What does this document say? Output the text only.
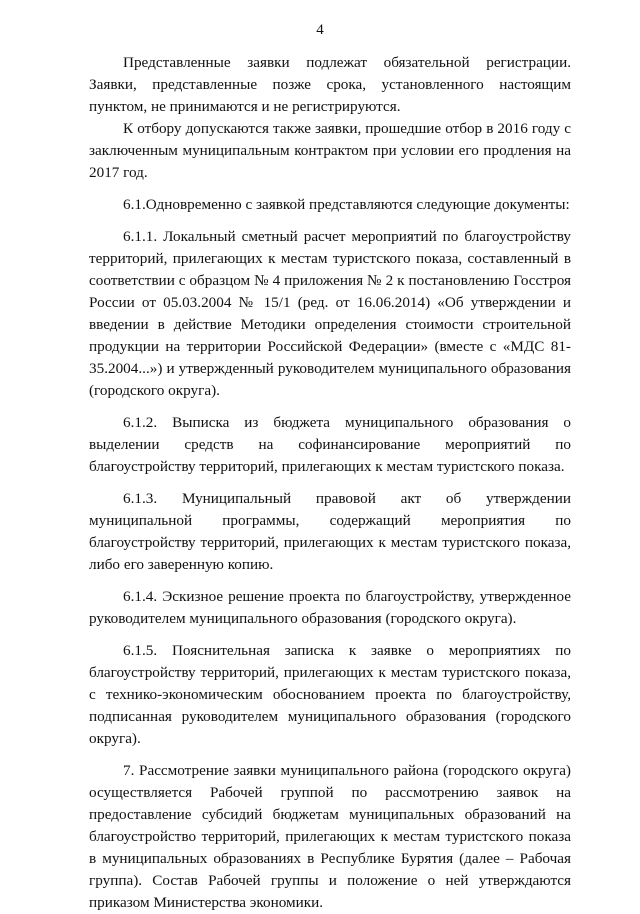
4

Представленные заявки подлежат обязательной регистрации. Заявки, представленные позже срока, установленного настоящим пунктом, не принимаются и не регистрируются.

К отбору допускаются также заявки, прошедшие отбор в 2016 году с заключенным муниципальным контрактом при условии его продления на 2017 год.

6.1.Одновременно с заявкой представляются следующие документы:

6.1.1. Локальный сметный расчет мероприятий по благоустройству территорий, прилегающих к местам туристского показа, составленный в соответствии с образцом № 4 приложения № 2 к постановлению Госстроя России от 05.03.2004 № 15/1 (ред. от 16.06.2014) «Об утверждении и введении в действие Методики определения стоимости строительной продукции на территории Российской Федерации» (вместе с «МДС 81-35.2004...») и утвержденный руководителем муниципального образования (городского округа).

6.1.2. Выписка из бюджета муниципального образования о выделении средств на софинансирование мероприятий по благоустройству территорий, прилегающих к местам туристского показа.

6.1.3. Муниципальный правовой акт об утверждении муниципальной программы, содержащий мероприятия по благоустройству территорий, прилегающих к местам туристского показа, либо его заверенную копию.

6.1.4. Эскизное решение проекта по благоустройству, утвержденное руководителем муниципального образования (городского округа).

6.1.5. Пояснительная записка к заявке о мероприятиях по благоустройству территорий, прилегающих к местам туристского показа, с технико-экономическим обоснованием проекта по благоустройству, подписанная руководителем муниципального образования (городского округа).

7. Рассмотрение заявки муниципального района (городского округа) осуществляется Рабочей группой по рассмотрению заявок на предоставление субсидий бюджетам муниципальных образований на благоустройство территорий, прилегающих к местам туристского показа в муниципальных образованиях в Республике Бурятия (далее – Рабочая группа). Состав Рабочей группы и положение о ней утверждаются приказом Министерства экономики.
